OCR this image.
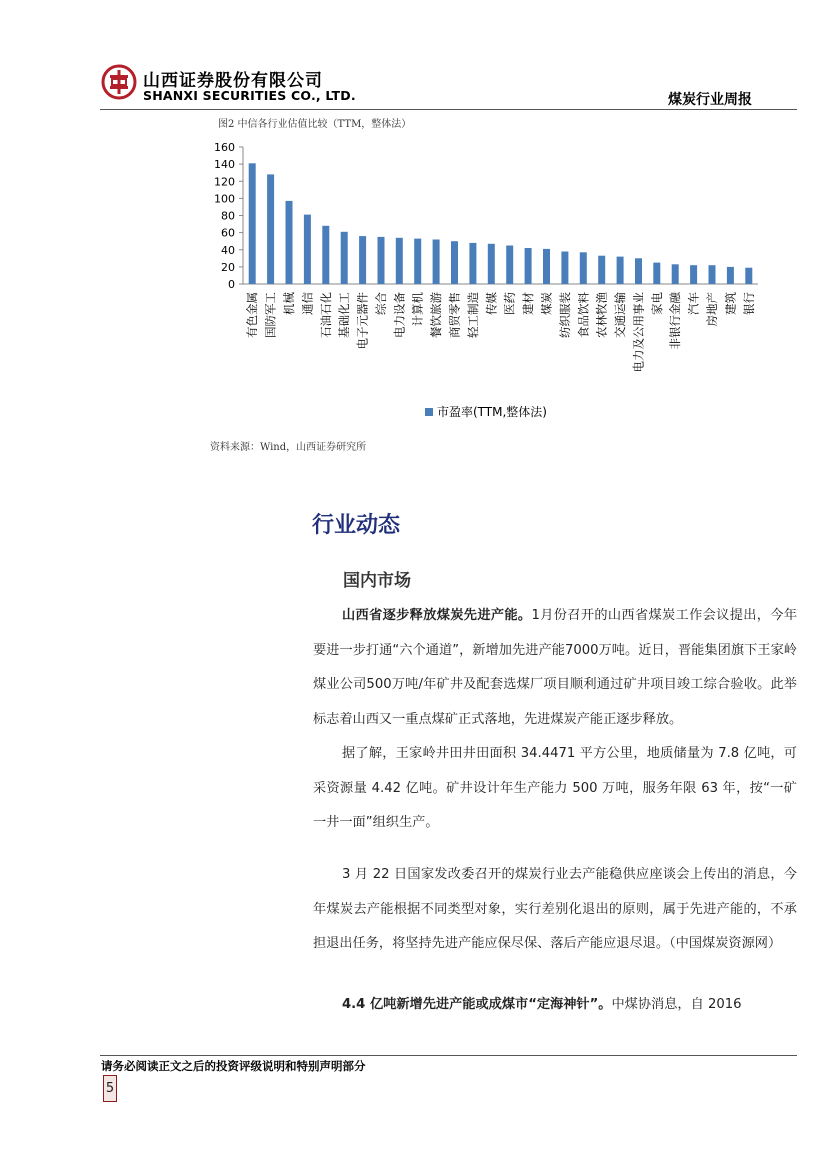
山西证券股份有限公司
SHANXI SECURITIES CO., LTD.	煤炭行业周报
图2 中信各行业估值比较（TTM，整体法）
0
20
40
60
80
100
120
140
160
有色金属 国防军工 机械 通信 石油石化 基础化工 电子元器件 综合 电力设备 计算机 餐饮旅游 商贸零售 轻工制造 传媒 医药 建材 煤炭 纺织服装 食品饮料 农林牧渔 交通运输 电力及公用事业 家电 非银行金融 汽车 房地产 建筑 银行
市盈率(TTM,整体法)
资料来源：Wind，山西证券研究所
行业动态
国内市场
山西省逐步释放煤炭先进产能。1月份召开的山西省煤炭工作会议提出，今年要进一步打通“六个通道”，新增加先进产能7000万吨。近日，晋能集团旗下王家岭煤业公司500万吨/年矿井及配套选煤厂项目顺利通过矿井项目竣工综合验收。此举标志着山西又一重点煤矿正式落地，先进煤炭产能正逐步释放。
据了解，王家岭井田井田面积 34.4471 平方公里，地质储量为 7.8 亿吨，可采资源量 4.42 亿吨。矿井设计年生产能力 500 万吨，服务年限 63 年，按“一矿一井一面”组织生产。
3 月 22 日国家发改委召开的煤炭行业去产能稳供应座谈会上传出的消息，今年煤炭去产能根据不同类型对象，实行差别化退出的原则，属于先进产能的，不承担退出任务，将坚持先进产能应保尽保、落后产能应退尽退。（中国煤炭资源网）
4.4 亿吨新增先进产能或成煤市“定海神针”。中煤协消息，自 2016
请务必阅读正文之后的投资评级说明和特别声明部分
5
